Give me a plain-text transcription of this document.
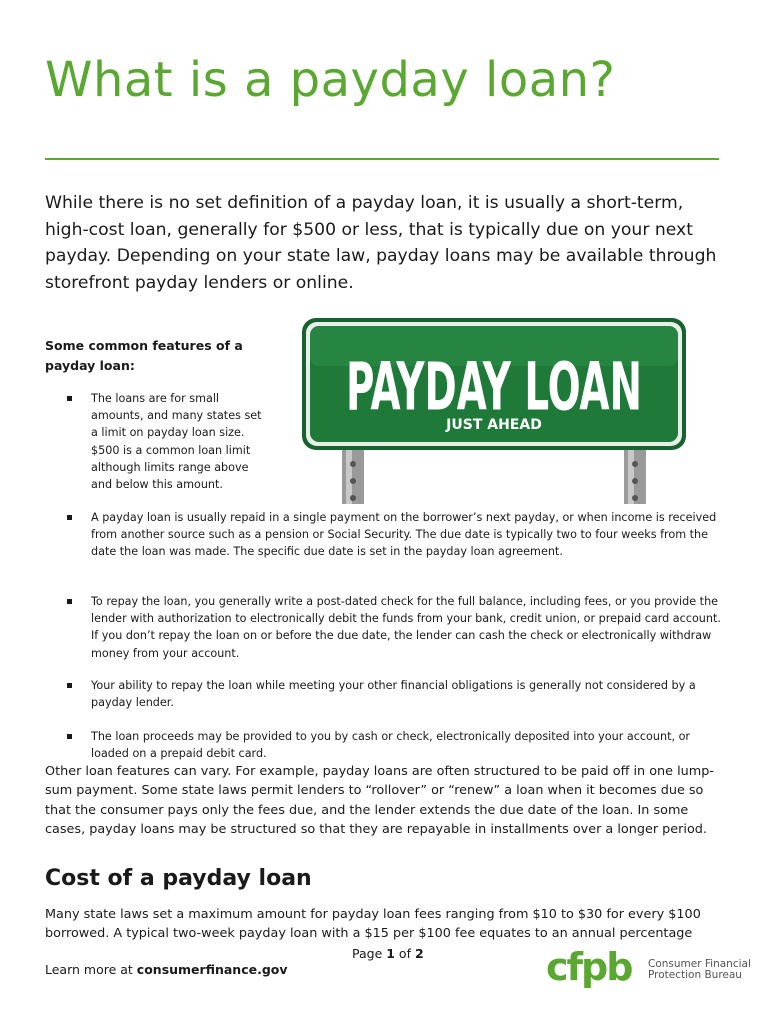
What is a payday loan?

While there is no set definition of a payday loan, it is usually a short-term, high-cost loan, generally for $500 or less, that is typically due on your next payday. Depending on your state law, payday loans may be available through storefront payday lenders or online.

Some common features of a payday loan:	PAYDAY LOAN
JUST AHEAD
The loans are for small amounts, and many states set a limit on payday loan size. $500 is a common loan limit although limits range above and below this amount.
A payday loan is usually repaid in a single payment on the borrower’s next payday, or when income is received from another source such as a pension or Social Security. The due date is typically two to four weeks from the date the loan was made. The specific due date is set in the payday loan agreement.
To repay the loan, you generally write a post-dated check for the full balance, including fees, or you provide the lender with authorization to electronically debit the funds from your bank, credit union, or prepaid card account. If you don’t repay the loan on or before the due date, the lender can cash the check or electronically withdraw money from your account.
Your ability to repay the loan while meeting your other financial obligations is generally not considered by a payday lender.
The loan proceeds may be provided to you by cash or check, electronically deposited into your account, or loaded on a prepaid debit card.

Other loan features can vary. For example, payday loans are often structured to be paid off in one lump-sum payment. Some state laws permit lenders to “rollover” or “renew” a loan when it becomes due so that the consumer pays only the fees due, and the lender extends the due date of the loan. In some cases, payday loans may be structured so that they are repayable in installments over a longer period.

Cost of a payday loan

Many state laws set a maximum amount for payday loan fees ranging from $10 to $30 for every $100 borrowed. A typical two-week payday loan with a $15 per $100 fee equates to an annual percentage

Page 1 of 2
Learn more at consumerfinance.gov	cfpb Consumer Financial
Protection Bureau
